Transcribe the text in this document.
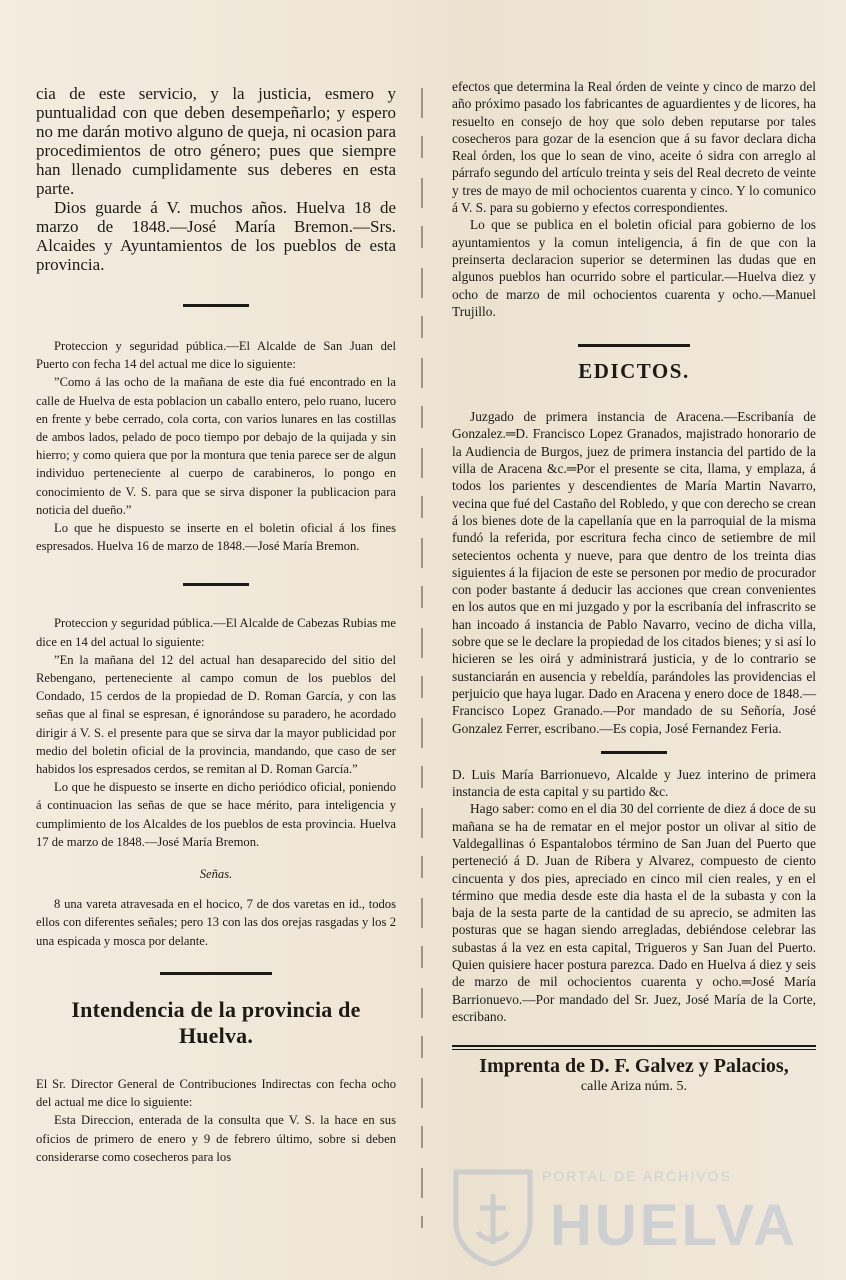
cia de este servicio, y la justicia, esmero y puntualidad con que deben desempeñarlo; y espero no me darán motivo alguno de queja, ni ocasion para procedimientos de otro género; pues que siempre han llenado cumplidamente sus deberes en esta parte.

Dios guarde á V. muchos años. Huelva 18 de marzo de 1848.—José María Bremon.—Srs. Alcaides y Ayuntamientos de los pueblos de esta provincia.

Proteccion y seguridad pública.—El Alcalde de San Juan del Puerto con fecha 14 del actual me dice lo siguiente:

”Como á las ocho de la mañana de este dia fué encontrado en la calle de Huelva de esta poblacion un caballo entero, pelo ruano, lucero en frente y bebe cerrado, cola corta, con varios lunares en las costillas de ambos lados, pelado de poco tiempo por debajo de la quijada y sin hierro; y como quiera que por la montura que tenia parece ser de algun individuo perteneciente al cuerpo de carabineros, lo pongo en conocimiento de V. S. para que se sirva disponer la publicacion para noticia del dueño.”

Lo que he dispuesto se inserte en el boletin oficial á los fines espresados. Huelva 16 de marzo de 1848.—José María Bremon.

Proteccion y seguridad pública.—El Alcalde de Cabezas Rubias me dice en 14 del actual lo siguiente:

”En la mañana del 12 del actual han desaparecido del sitio del Rebengano, perteneciente al campo comun de los pueblos del Condado, 15 cerdos de la propiedad de D. Roman García, y con las señas que al final se espresan, é ignorándose su paradero, he acordado dirigir á V. S. el presente para que se sirva dar la mayor publicidad por medio del boletin oficial de la provincia, mandando, que caso de ser habidos los espresados cerdos, se remitan al D. Roman García.”

Lo que he dispuesto se inserte en dicho periódico oficial, poniendo á continuacion las señas de que se hace mérito, para inteligencia y cumplimiento de los Alcaldes de los pueblos de esta provincia. Huelva 17 de marzo de 1848.—José María Bremon.

Señas.

8 una vareta atravesada en el hocico, 7 de dos varetas en id., todos ellos con diferentes señales; pero 13 con las dos orejas rasgadas y los 2 una espicada y mosca por delante.

Intendencia de la provincia de Huelva.

El Sr. Director General de Contribuciones Indirectas con fecha ocho del actual me dice lo siguiente:

Esta Direccion, enterada de la consulta que V. S. la hace en sus oficios de primero de enero y 9 de febrero último, sobre si deben considerarse como cosecheros para los

efectos que determina la Real órden de veinte y cinco de marzo del año próximo pasado los fabricantes de aguardientes y de licores, ha resuelto en consejo de hoy que solo deben reputarse por tales cosecheros para gozar de la esencion que á su favor declara dicha Real órden, los que lo sean de vino, aceite ó sidra con arreglo al párrafo segundo del artículo treinta y seis del Real decreto de veinte y tres de mayo de mil ochocientos cuarenta y cinco. Y lo comunico á V. S. para su gobierno y efectos correspondientes.

Lo que se publica en el boletin oficial para gobierno de los ayuntamientos y la comun inteligencia, á fin de que con la preinserta declaracion superior se determinen las dudas que en algunos pueblos han ocurrido sobre el particular.—Huelva diez y ocho de marzo de mil ochocientos cuarenta y ocho.—Manuel Trujillo.

EDICTOS.

Juzgado de primera instancia de Aracena.—Escribanía de Gonzalez.═D. Francisco Lopez Granados, majistrado honorario de la Audiencia de Burgos, juez de primera instancia del partido de la villa de Aracena &c.═Por el presente se cita, llama, y emplaza, á todos los parientes y descendientes de María Martin Navarro, vecina que fué del Castaño del Robledo, y que con derecho se crean á los bienes dote de la capellanía que en la parroquial de la misma fundó la referida, por escritura fecha cinco de setiembre de mil setecientos ochenta y nueve, para que dentro de los treinta dias siguientes á la fijacion de este se personen por medio de procurador con poder bastante á deducir las acciones que crean convenientes en los autos que en mi juzgado y por la escribanía del infrascrito se han incoado á instancia de Pablo Navarro, vecino de dicha villa, sobre que se le declare la propiedad de los citados bienes; y si así lo hicieren se les oirá y administrará justicia, y de lo contrario se sustanciarán en ausencia y rebeldía, parándoles las providencias el perjuicio que haya lugar. Dado en Aracena y enero doce de 1848.—Francisco Lopez Granado.—Por mandado de su Señoría, José Gonzalez Ferrer, escribano.—Es copia, José Fernandez Feria.

D. Luis María Barrionuevo, Alcalde y Juez interino de primera instancia de esta capital y su partido &c.

Hago saber: como en el dia 30 del corriente de diez á doce de su mañana se ha de rematar en el mejor postor un olivar al sitio de Valdegallinas ó Espantalobos término de San Juan del Puerto que perteneció á D. Juan de Ribera y Alvarez, compuesto de ciento cincuenta y dos pies, apreciado en cinco mil cien reales, y en el término que media desde este dia hasta el de la subasta y con la baja de la sesta parte de la cantidad de su aprecio, se admiten las posturas que se hagan siendo arregladas, debiéndose celebrar las subastas á la vez en esta capital, Trigueros y San Juan del Puerto. Quien quisiere hacer postura parezca. Dado en Huelva á diez y seis de marzo de mil ochocientos cuarenta y ocho.═José María Barrionuevo.—Por mandado del Sr. Juez, José María de la Corte, escribano.

Imprenta de D. F. Galvez y Palacios,
calle Ariza núm. 5.
PORTAL DE ARCHIVOS
HUELVA
